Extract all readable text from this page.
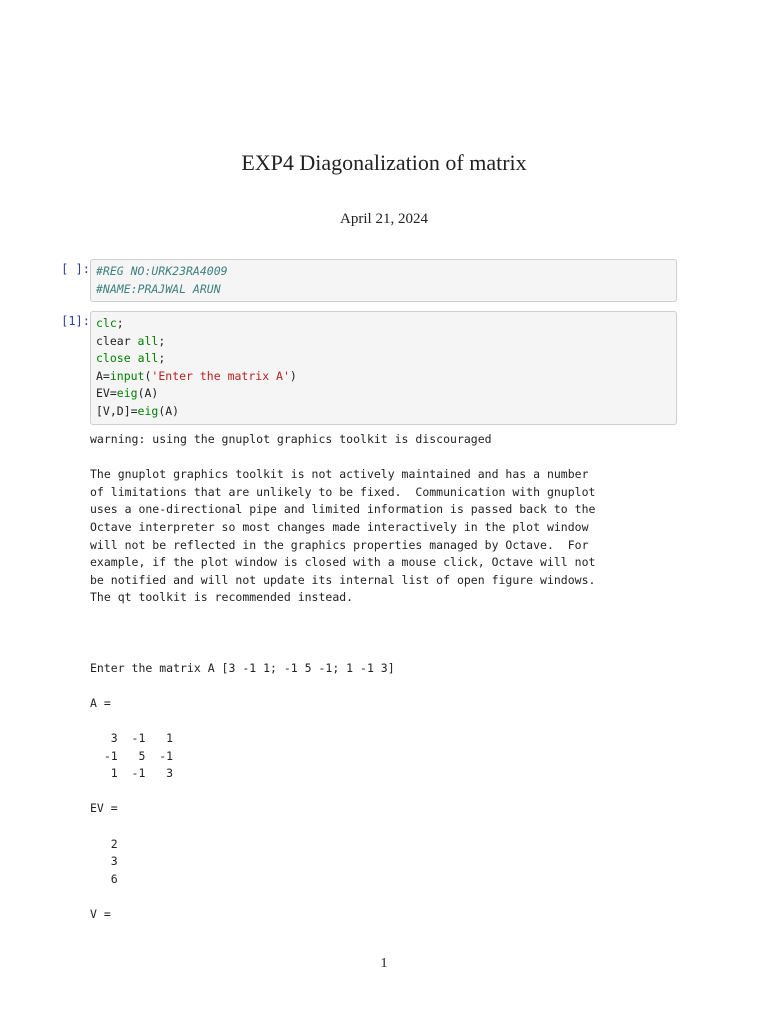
EXP4 Diagonalization of matrix
April 21, 2024
[ ]: #REG NO:URK23RA4009
#NAME:PRAJWAL ARUN
[1]: clc;
clear all;
close all;
A=input('Enter the matrix A')
EV=eig(A)
[V,D]=eig(A)
warning: using the gnuplot graphics toolkit is discouraged
The gnuplot graphics toolkit is not actively maintained and has a number
of limitations that are unlikely to be fixed.  Communication with gnuplot
uses a one-directional pipe and limited information is passed back to the
Octave interpreter so most changes made interactively in the plot window
will not be reflected in the graphics properties managed by Octave.  For
example, if the plot window is closed with a mouse click, Octave will not
be notified and will not update its internal list of open figure windows.
The qt toolkit is recommended instead.
Enter the matrix A [3 -1 1; -1 5 -1; 1 -1 3]
A =
3  -1   1
-1   5  -1
1  -1   3
EV =
2
3
6
V =
1
